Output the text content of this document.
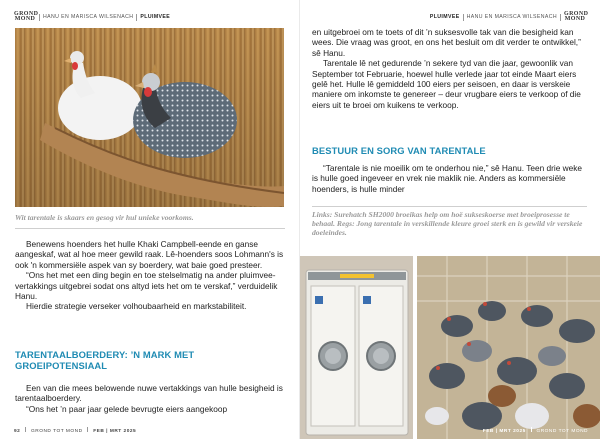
GROND
MOND HANU EN MARISCA WILSENACH PLUIMVEE
Wit tarentale is skaars en gesog vir hul unieke voorkoms.

Benewens hoenders het hulle Khaki Campbell-eende en ganse aangeskaf, wat al hoe meer gewild raak. Lê-hoenders soos Lohmann's is ook 'n kommersiële aspek van sy boerdery, wat baie goed presteer.

“Ons het met een ding begin en toe stelselmatig na ander pluimvee-vertakkings uitgebrei sodat ons altyd iets het om te verskaf,” verduidelik Hanu.

Hierdie strategie verseker volhoubaarheid en markstabiliteit.

TARENTAALBOERDERY: ’N MARK MET GROEIPOTENSIAAL

Een van die mees belowende nuwe vertakkings van hulle besigheid is tarentaalboerdery.

“Ons het ’n paar jaar gelede bevrugte eiers aangekoop

92 GROND TOT MOND FEB | MRT 2025
PLUIMVEE HANU EN MARISCA WILSENACH GROND
MOND

en uitgebroei om te toets of dit ’n suksesvolle tak van die besigheid kan wees. Die vraag was groot, en ons het besluit om dit verder te ontwikkel,” sê Hanu.

Tarentale lê net gedurende ’n sekere tyd van die jaar, gewoonlik van September tot Februarie, hoewel hulle verlede jaar tot einde Maart eiers gelê het. Hulle lê gemiddeld 100 eiers per seisoen, en daar is verskeie maniere om inkomste te genereer – deur vrugbare eiers te verkoop of die eiers uit te broei om kuikens te verkoop.

BESTUUR EN SORG VAN TARENTALE

“Tarentale is nie moeilik om te onderhou nie,” sê Hanu. Teen drie weke is hulle goed ingeveer en vrek nie maklik nie. Anders as kommersiële hoenders, is hulle minder

Links: Surehatch SH2000 broeikas help om hoë sukseskoerse met broeiprosesse te behaal. Regs: Jong tarentale in verskillende kleure groei sterk en is gewild vir verskeie doeleindes.
FEB | MRT 2025 GROND TOT MOND
